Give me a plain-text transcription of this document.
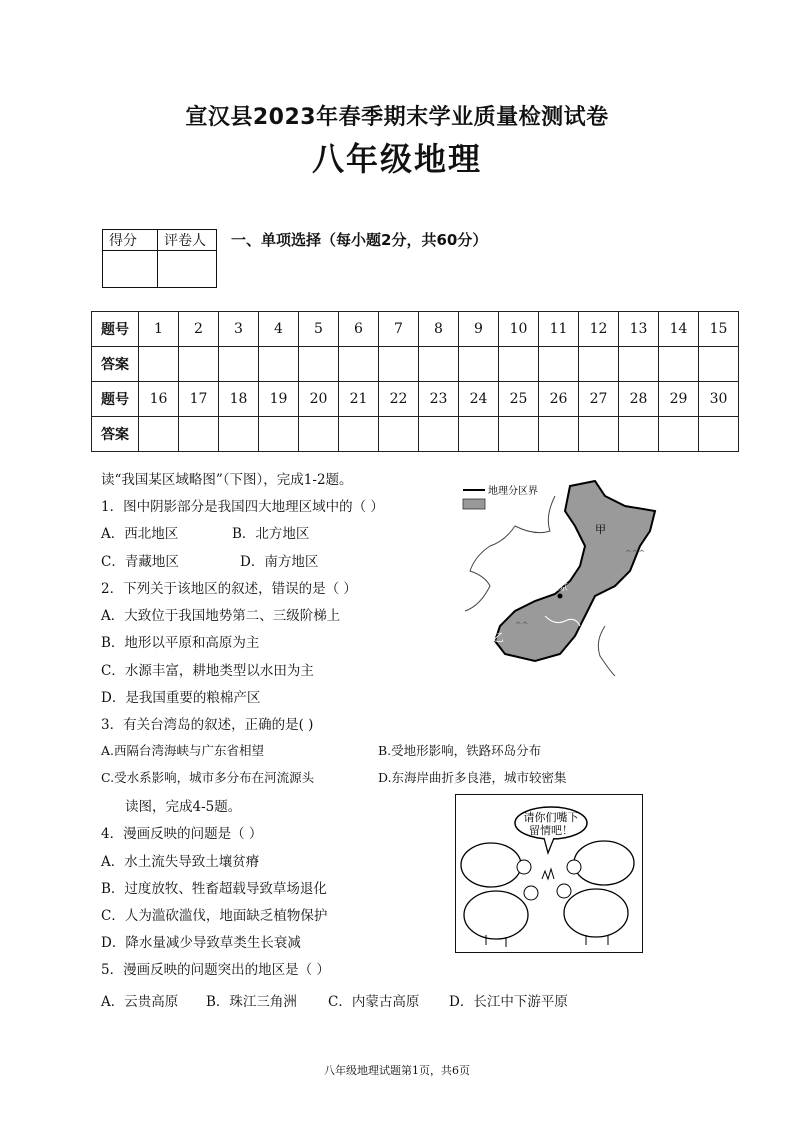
宣汉县2023年春季期末学业质量检测试卷
八年级地理
得分	评卷人
	一、单项选择（每小题2分，共60分）
题号	1	2	3	4	5	6	7	8	9	10	11	12	13	14	15
答案															
题号	16	17	18	19	20	21	22	23	24	25	26	27	28	29	30
答案															
读“我国某区域略图”（下图），完成1-2题。
1．图中阴影部分是我国四大地理区域中的（ ）
A．西北地区	B．北方地区
C．青藏地区	D．南方地区
2．下列关于该地区的叙述，错误的是（ ）
A．大致位于我国地势第二、三级阶梯上
B．地形以平原和高原为主
C．水源丰富，耕地类型以水田为主
D．是我国重要的粮棉产区
3．有关台湾岛的叙述，正确的是( )
A.西隔台湾海峡与广东省相望	B.受地形影响，铁路环岛分布
C.受水系影响，城市多分布在河流源头	D.东海岸曲折多良港，城市较密集
读图，完成4-5题。
4．漫画反映的问题是（ ）
A．水土流失导致土壤贫瘠
B．过度放牧、牲畜超载导致草场退化
C．人为滥砍滥伐，地面缺乏植物保护
D．降水量减少导致草类生长衰减
5．漫画反映的问题突出的地区是（ ）
A．云贵高原 B．珠江三角洲 C．内蒙古高原 D．长江中下游平原
地理分区界
北京
甲
乙
^^^
^^
请你们嘴下
留情吧！
八年级地理试题第1页，共6页
